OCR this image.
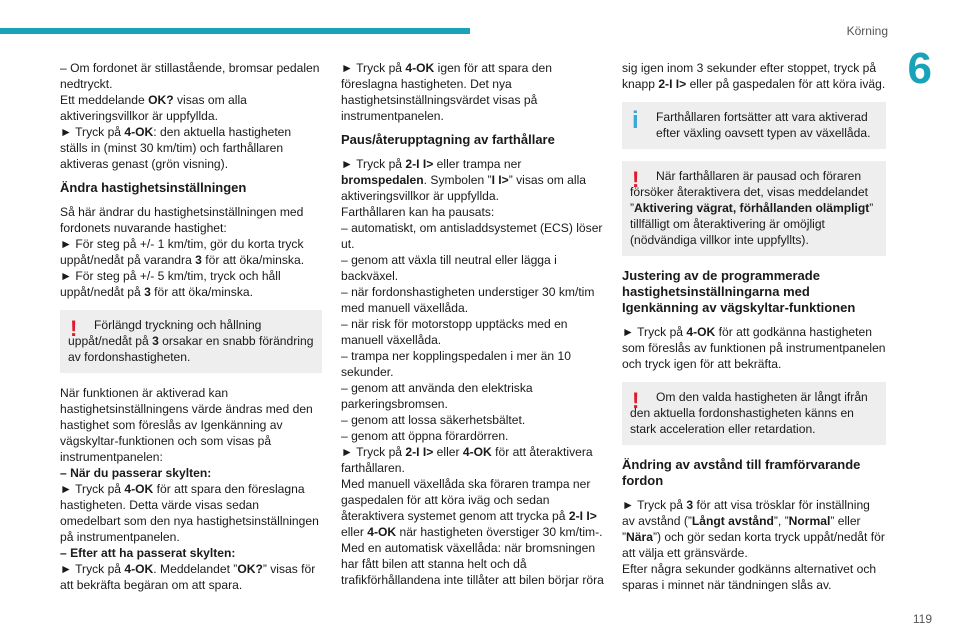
Körning
6
119

– Om fordonet är stillastående, bromsar pedalen nedtryckt.
Ett meddelande OK? visas om alla aktiveringsvillkor är uppfyllda.
► Tryck på 4-OK: den aktuella hastigheten ställs in (minst 30 km/tim) och farthållaren aktiveras genast (grön visning).

Ändra hastighetsinställningen

Så här ändrar du hastighetsinställningen med fordonets nuvarande hastighet:
► För steg på +/- 1 km/tim, gör du korta tryck uppåt/nedåt på varandra 3 för att öka/minska.
► För steg på +/- 5 km/tim, tryck och håll uppåt/nedåt på 3 för att öka/minska.

!	Förlängd tryckning och hållning uppåt/nedåt på 3 orsakar en snabb förändring av fordonshastigheten.

När funktionen är aktiverad kan hastighetsinställningens värde ändras med den hastighet som föreslås av Igenkänning av vägskyltar-funktionen och som visas på instrumentpanelen:
– När du passerar skylten:
► Tryck på 4-OK för att spara den föreslagna hastigheten. Detta värde visas sedan omedelbart som den nya hastighetsinställningen på instrumentpanelen.
– Efter att ha passerat skylten:
► Tryck på 4-OK. Meddelandet ”OK?” visas för att bekräfta begäran om att spara.

► Tryck på 4-OK igen för att spara den föreslagna hastigheten. Det nya hastighetsinställningsvärdet visas på instrumentpanelen.

Paus/återupptagning av farthållare

► Tryck på 2-I I> eller trampa ner bromspedalen. Symbolen ”I I>” visas om alla aktiveringsvillkor är uppfyllda.
Farthållaren kan ha pausats:
– automatiskt, om antisladdsystemet (ECS) löser ut.
– genom att växla till neutral eller lägga i backväxel.
– när fordonshastigheten understiger 30 km/tim med manuell växellåda.
– när risk för motorstopp upptäcks med en manuell växellåda.
– trampa ner kopplingspedalen i mer än 10 sekunder.
– genom att använda den elektriska parkeringsbromsen.
– genom att lossa säkerhetsbältet.
– genom att öppna förardörren.
► Tryck på 2-I I> eller 4-OK för att återaktivera farthållaren.
Med manuell växellåda ska föraren trampa ner gaspedalen för att köra iväg och sedan återaktivera systemet genom att trycka på 2-I I> eller 4-OK när hastigheten överstiger 30 km/tim-.
Med en automatisk växellåda: när bromsningen har fått bilen att stanna helt och då trafikförhållandena inte tillåter att bilen börjar röra

sig igen inom 3 sekunder efter stoppet, tryck på knapp 2-I I> eller på gaspedalen för att köra iväg.

i	Farthållaren fortsätter att vara aktiverad efter växling oavsett typen av växellåda.
!	När farthållaren är pausad och föraren försöker återaktivera det, visas meddelandet ”Aktivering vägrat, förhållanden olämpligt” tillfälligt om återaktivering är omöjligt (nödvändiga villkor inte uppfyllts).
Justering av de programmerade hastighetsinställningarna med Igenkänning av vägskyltar-funktionen

► Tryck på 4-OK för att godkänna hastigheten som föreslås av funktionen på instrumentpanelen och tryck igen för att bekräfta.

!	Om den valda hastigheten är långt ifrån den aktuella fordonshastigheten känns en stark acceleration eller retardation.
Ändring av avstånd till framförvarande fordon

► Tryck på 3 för att visa trösklar för inställning av avstånd (”Långt avstånd”, ”Normal” eller ”Nära”) och gör sedan korta tryck uppåt/nedåt för att välja ett gränsvärde.
Efter några sekunder godkänns alternativet och sparas i minnet när tändningen slås av.
